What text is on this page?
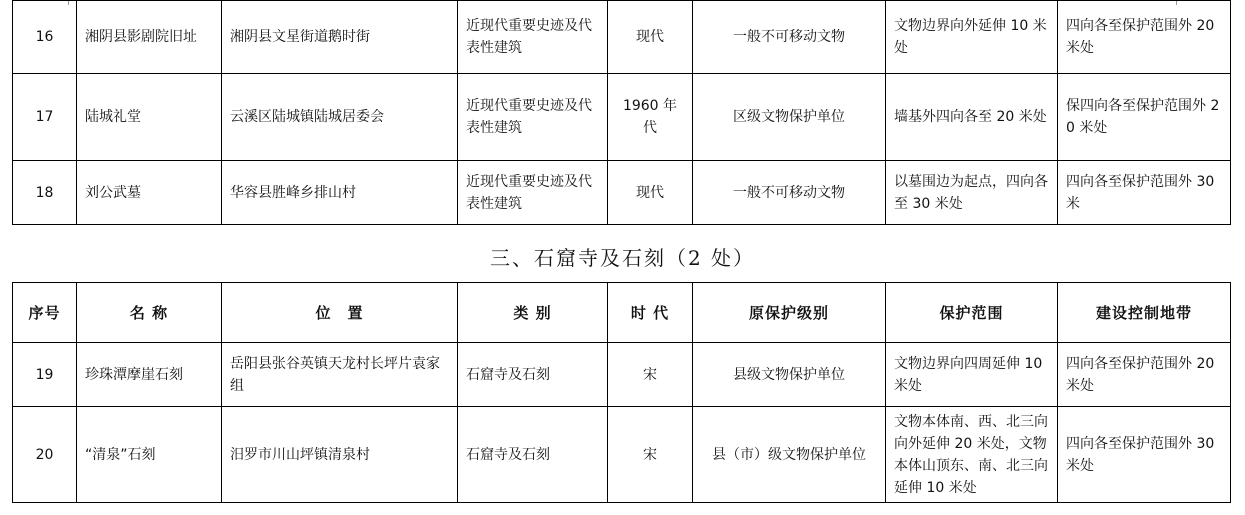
16	湘阴县影剧院旧址	湘阴县文星街道鹅时街	近现代重要史迹及代表性建筑	现代	一般不可移动文物	文物边界向外延伸 10 米处	四向各至保护范围外 20 米处
17	陆城礼堂	云溪区陆城镇陆城居委会	近现代重要史迹及代表性建筑	1960 年代	区级文物保护单位	墙基外四向各至 20 米处	保四向各至保护范围外 20 米处
18	刘公武墓	华容县胜峰乡排山村	近现代重要史迹及代表性建筑	现代	一般不可移动文物	以墓围边为起点，四向各至 30 米处	四向各至保护范围外 30 米
三、石窟寺及石刻（2 处）
序号	名 称	位　置	类 别	时 代	原保护级别	保护范围	建设控制地带
19	珍珠潭摩崖石刻	岳阳县张谷英镇天龙村长坪片袁家组	石窟寺及石刻	宋	县级文物保护单位	文物边界向四周延伸 10 米处	四向各至保护范围外 20 米处
20	“清泉”石刻	汨罗市川山坪镇清泉村	石窟寺及石刻	宋	县（市）级文物保护单位	文物本体南、西、北三向向外延伸 20 米处，文物本体山顶东、南、北三向延伸 10 米处	四向各至保护范围外 30 米处
